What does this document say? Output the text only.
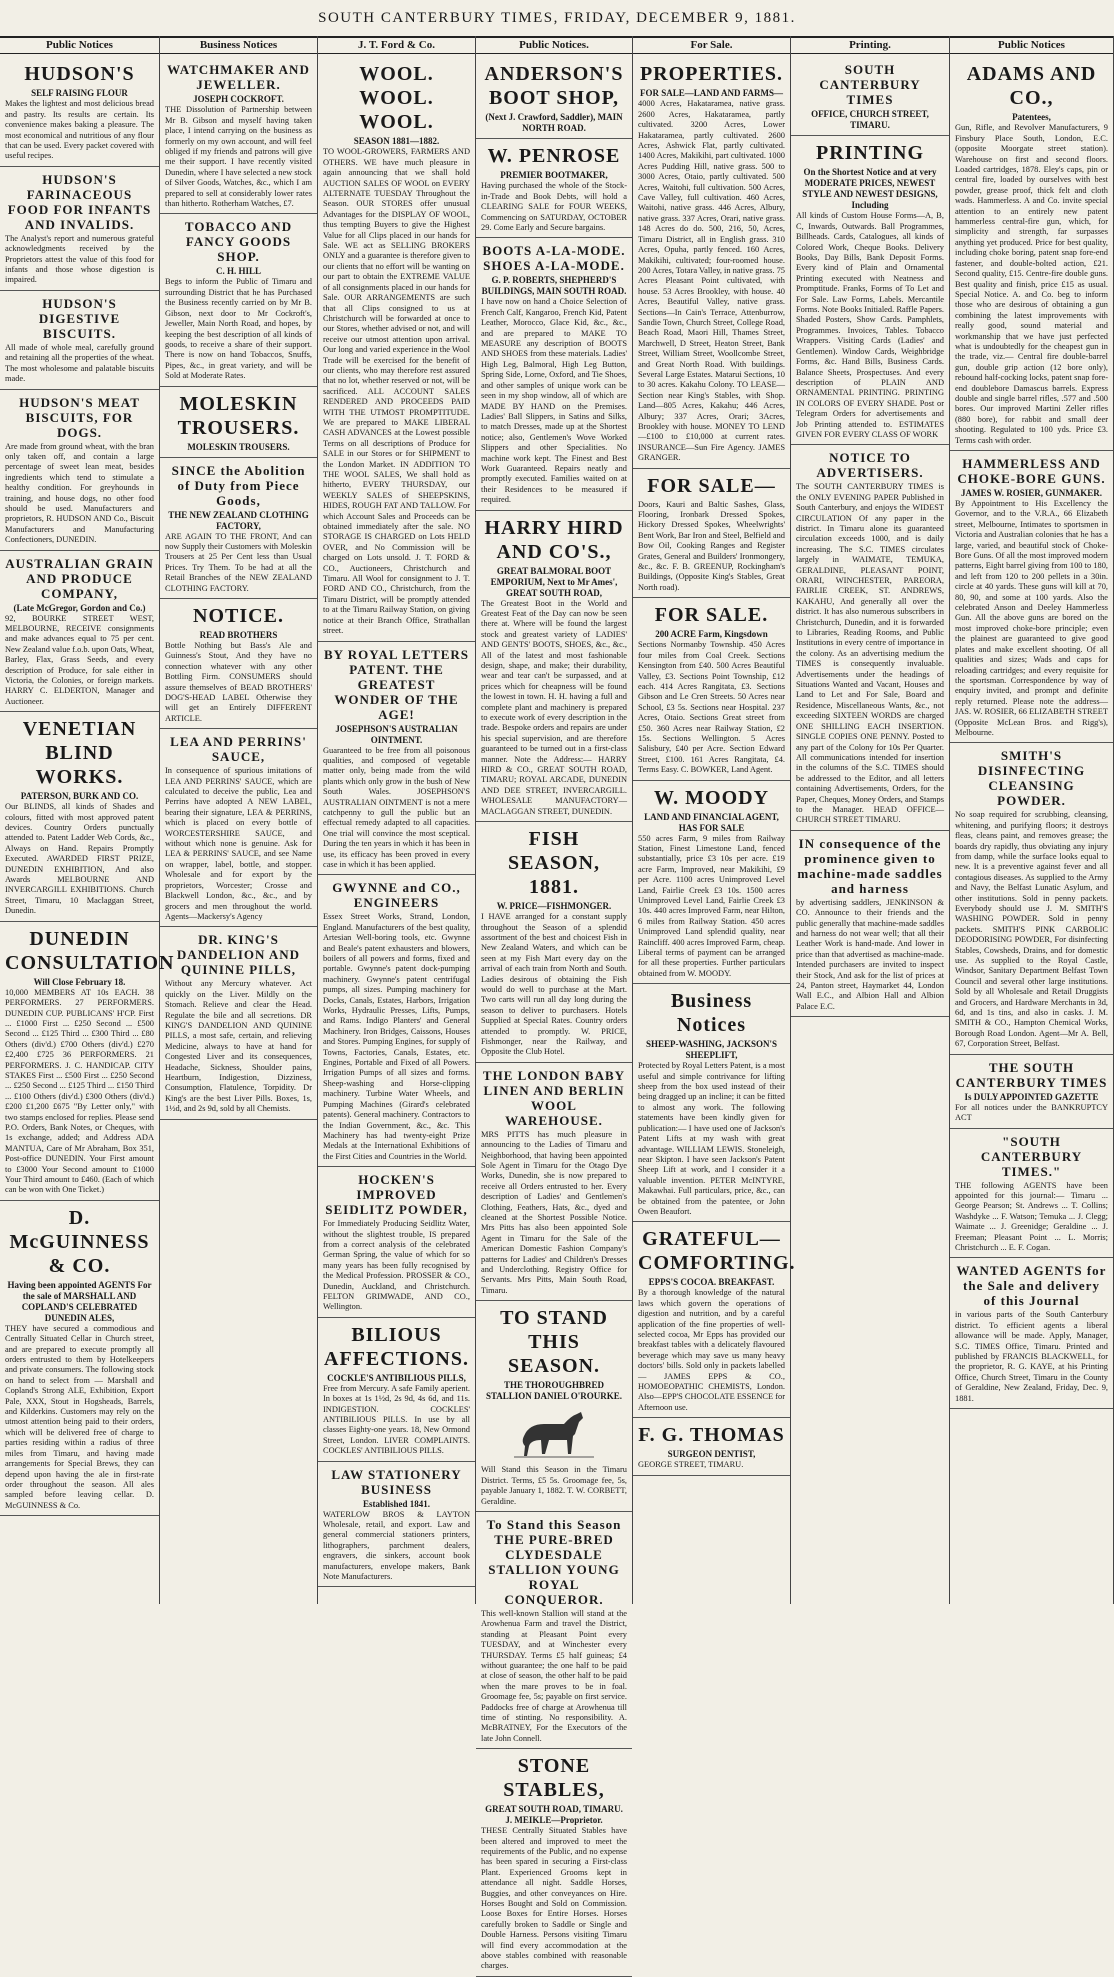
SOUTH CANTERBURY TIMES, FRIDAY, DECEMBER 9, 1881.
Public Notices
HUDSON'S
SELF RAISING FLOUR
Makes the lightest and most delicious bread and pastry. Its results are certain. Its convenience makes baking a pleasure. The most economical and nutritious of any flour that can be used. Every packet covered with useful recipes.
HUDSON'S FARINACEOUS FOOD FOR INFANTS AND INVALIDS.
The Analyst's report and numerous grateful acknowledgments received by the Proprietors attest the value of this food for infants and those whose digestion is impaired.
HUDSON'S DIGESTIVE BISCUITS.
All made of whole meal, carefully ground and retaining all the properties of the wheat. The most wholesome and palatable biscuits made.
HUDSON'S MEAT BISCUITS, FOR DOGS.
Are made from ground wheat, with the bran only taken off, and contain a large percentage of sweet lean meat, besides ingredients which tend to stimulate a healthy condition. For greyhounds in training, and house dogs, no other food should be used. Manufacturers and proprietors, R. HUDSON AND Co., Biscuit Manufacturers and Manufacturing Confectioners, DUNEDIN.
AUSTRALIAN GRAIN AND PRODUCE COMPANY,
(Late McGregor, Gordon and Co.)
92, BOURKE STREET WEST, MELBOURNE, RECEIVE consignments and make advances equal to 75 per cent. New Zealand value f.o.b. upon Oats, Wheat, Barley, Flax, Grass Seeds, and every description of Produce, for sale either in Victoria, the Colonies, or foreign markets. HARRY C. ELDERTON, Manager and Auctioneer.
VENETIAN BLIND WORKS.
PATERSON, BURK AND CO.
Our BLINDS, all kinds of Shades and colours, fitted with most approved patent devices. Country Orders punctually attended to. Patent Ladder Web Cords, &c., Always on Hand. Repairs Promptly Executed. AWARDED FIRST PRIZE, DUNEDIN EXHIBITION, And also Awards MELBOURNE AND INVERCARGILL EXHIBITIONS. Church Street, Timaru, 10 Maclaggan Street, Dunedin.
DUNEDIN CONSULTATION
Will Close February 18.
10,000 MEMBERS AT 10s EACH. 38 PERFORMERS. 27 PERFORMERS. DUNEDIN CUP. PUBLICANS' H'CP. First ... £1000 First ... £250 Second ... £500 Second ... £125 Third ... £300 Third ... £80 Others (div'd.) £700 Others (div'd.) £270 £2,400 £725 36 PERFORMERS. 21 PERFORMERS. J. C. HANDICAP. CITY STAKES First ... £500 First ... £250 Second ... £250 Second ... £125 Third ... £150 Third ... £100 Others (div'd.) £300 Others (div'd.) £200 £1,200 £675 "By Letter only," with two stamps enclosed for replies. Please send P.O. Orders, Bank Notes, or Cheques, with 1s exchange, added; and Address ADA MANTUA, Care of Mr Abraham, Box 351, Post-office DUNEDIN. Your First amount to £3000 Your Second amount to £1000 Your Third amount to £460. (Each of which can be won with One Ticket.)
D. McGUINNESS & CO.
Having been appointed AGENTS For the sale of MARSHALL AND COPLAND'S CELEBRATED DUNEDIN ALES,
THEY have secured a commodious and Centrally Situated Cellar in Church street, and are prepared to execute promptly all orders entrusted to them by Hotelkeepers and private consumers. The following stock on hand to select from — Marshall and Copland's Strong ALE, Exhibition, Export Pale, XXX, Stout in Hogsheads, Barrels, and Kilderkins. Customers may rely on the utmost attention being paid to their orders, which will be delivered free of charge to parties residing within a radius of three miles from Timaru, and having made arrangements for Special Brews, they can depend upon having the ale in first-rate order throughout the season. All ales sampled before leaving cellar. D. McGUINNESS & Co.
Business Notices
WATCHMAKER AND JEWELLER.
JOSEPH COCKROFT.
THE Dissolution of Partnership between Mr B. Gibson and myself having taken place, I intend carrying on the business as formerly on my own account, and will feel obliged if my friends and patrons will give me their support. I have recently visited Dunedin, where I have selected a new stock of Silver Goods, Watches, &c., which I am prepared to sell at considerably lower rates than hitherto. Rotherham Watches, £7.
TOBACCO AND FANCY GOODS SHOP.
C. H. HILL
Begs to inform the Public of Timaru and surrounding District that he has Purchased the Business recently carried on by Mr B. Gibson, next door to Mr Cockroft's, Jeweller, Main North Road, and hopes, by keeping the best description of all kinds of goods, to receive a share of their support. There is now on hand Tobaccos, Snuffs, Pipes, &c., in great variety, and will be Sold at Moderate Rates.
MOLESKIN TROUSERS.
MOLESKIN TROUSERS.
SINCE the Abolition of Duty from Piece Goods,
THE NEW ZEALAND CLOTHING FACTORY,
ARE AGAIN TO THE FRONT, And can now Supply their Customers with Moleskin Trousers at 25 Per Cent less than Usual Prices. Try Them. To be had at all the Retail Branches of the NEW ZEALAND CLOTHING FACTORY.
NOTICE.
READ BROTHERS
Bottle Nothing but Bass's Ale and Guinness's Stout, And they have no connection whatever with any other Bottling Firm. CONSUMERS should assure themselves of BEAD BROTHERS' DOG'S-HEAD LABEL Otherwise they will get an Entirely DIFFERENT ARTICLE.
LEA AND PERRINS' SAUCE,
In consequence of spurious imitations of LEA AND PERRINS' SAUCE, which are calculated to deceive the public, Lea and Perrins have adopted A NEW LABEL, bearing their signature, LEA & PERRINS, which is placed on every bottle of WORCESTERSHIRE SAUCE, and without which none is genuine. Ask for LEA & PERRINS' SAUCE, and see Name on wrapper, label, bottle, and stopper. Wholesale and for export by the proprietors, Worcester; Crosse and Blackwell London, &c., &c., and by grocers and men throughout the world. Agents—Mackersy's Agency
DR. KING'S DANDELION AND QUININE PILLS,
Without any Mercury whatever. Act quickly on the Liver. Mildly on the Stomach. Relieve and clear the Head. Regulate the bile and all secretions. DR KING'S DANDELION AND QUININE PILLS, a most safe, certain, and relieving Medicine, always to have at hand for Congested Liver and its consequences, Headache, Sickness, Shoulder pains, Heartburn, Indigestion, Dizziness, Consumption, Flatulence, Torpidity. Dr King's are the best Liver Pills. Boxes, 1s, 1½d, and 2s 9d, sold by all Chemists.
J. T. Ford & Co.
WOOL. WOOL. WOOL.
SEASON 1881—1882.
TO WOOL-GROWERS, FARMERS AND OTHERS. WE have much pleasure in again announcing that we shall hold AUCTION SALES OF WOOL on EVERY ALTERNATE TUESDAY Throughout the Season. OUR STORES offer unusual Advantages for the DISPLAY OF WOOL, thus tempting Buyers to give the Highest Value for all Clips placed in our hands for Sale. WE act as SELLING BROKERS ONLY and a guarantee is therefore given to our clients that no effort will be wanting on our part to obtain the EXTREME VALUE of all consignments placed in our hands for Sale. OUR ARRANGEMENTS are such that all Clips consigned to us at Christchurch will be forwarded at once to our Stores, whether advised or not, and will receive our utmost attention upon arrival. Our long and varied experience in the Wool Trade will be exercised for the benefit of our clients, who may therefore rest assured that no lot, whether reserved or not, will be sacrificed. ALL ACCOUNT SALES RENDERED AND PROCEEDS PAID WITH THE UTMOST PROMPTITUDE. We are prepared to MAKE LIBERAL CASH ADVANCES at the Lowest possible Terms on all descriptions of Produce for SALE in our Stores or for SHIPMENT to the London Market. IN ADDITION TO THE WOOL SALES, We shall hold as hitherto, EVERY THURSDAY, our WEEKLY SALES of SHEEPSKINS, HIDES, ROUGH FAT AND TALLOW. For which Account Sales and Proceeds can be obtained immediately after the sale. NO STORAGE IS CHARGED on Lots HELD OVER, and No Commission will be charged on Lots unsold. J. T. FORD & CO., Auctioneers, Christchurch and Timaru. All Wool for consignment to J. T. FORD AND CO., Christchurch, from the Timaru District, will be promptly attended to at the Timaru Railway Station, on giving notice at their Branch Office, Strathallan street.
BY ROYAL LETTERS PATENT. THE GREATEST WONDER OF THE AGE!
JOSEPHSON'S AUSTRALIAN OINTMENT.
Guaranteed to be free from all poisonous qualities, and composed of vegetable matter only, being made from the wild plants which only grow in the bush of New South Wales. JOSEPHSON'S AUSTRALIAN OINTMENT is not a mere catchpenny to gull the public but an effectual remedy adapted to all capacities. One trial will convince the most sceptical. During the ten years in which it has been in use, its efficacy has been proved in every case in which it has been applied.
GWYNNE and CO., ENGINEERS
Essex Street Works, Strand, London, England. Manufacturers of the best quality, Artesian Well-boring tools, etc. Gwynne and Beale's patent exhausters and blowers, boilers of all powers and forms, fixed and portable. Gwynne's patent dock-pumping machinery. Gwynne's patent centrifugal pumps, all sizes. Pumping machinery for Docks, Canals, Estates, Harbors, Irrigation Works, Hydraulic Presses, Lifts, Pumps, and Rams. Indigo Planters' and General Machinery. Iron Bridges, Caissons, Houses and Stores. Pumping Engines, for supply of Towns, Factories, Canals, Estates, etc. Engines, Portable and Fixed of all Powers. Irrigation Pumps of all sizes and forms. Sheep-washing and Horse-clipping machinery. Turbine Water Wheels, and Pumping Machines (Girard's celebrated patents). General machinery. Contractors to the Indian Government, &c., &c. This Machinery has had twenty-eight Prize Medals at the International Exhibitions of the First Cities and Countries in the World.
HOCKEN'S IMPROVED SEIDLITZ POWDER,
For Immediately Producing Seidlitz Water, without the slightest trouble, IS prepared from a correct analysis of the celebrated German Spring, the value of which for so many years has been fully recognised by the Medical Profession. PROSSER & CO., Dunedin, Auckland, and Christchurch. FELTON GRIMWADE, AND CO., Wellington.
BILIOUS AFFECTIONS.
COCKLE'S ANTIBILIOUS PILLS,
Free from Mercury. A safe Family aperient. In boxes at 1s 1½d, 2s 9d, 4s 6d, and 11s. INDIGESTION. COCKLES' ANTIBILIOUS PILLS. In use by all classes Eighty-one years. 18, New Ormond Street, London. LIVER COMPLAINTS. COCKLES' ANTIBILIOUS PILLS.
LAW STATIONERY BUSINESS
Established 1841.
WATERLOW BROS & LAYTON Wholesale, retail, and export. Law and general commercial stationers printers, lithographers, parchment dealers, engravers, die sinkers, account book manufacturers, envelope makers, Bank Note Manufacturers.
Public Notices.
ANDERSON'S BOOT SHOP,
(Next J. Crawford, Saddler), MAIN NORTH ROAD.
W. PENROSE
PREMIER BOOTMAKER,
Having purchased the whole of the Stock-in-Trade and Book Debts, will hold a CLEARING SALE for FOUR WEEKS, Commencing on SATURDAY, OCTOBER 29. Come Early and Secure bargains.
BOOTS A-LA-MODE. SHOES A-LA-MODE.
G. P. ROBERTS, SHEPHERD'S BUILDINGS, MAIN SOUTH ROAD.
I have now on hand a Choice Selection of French Calf, Kangaroo, French Kid, Patent Leather, Morocco, Glace Kid, &c., &c., and are prepared to MAKE TO MEASURE any description of BOOTS AND SHOES from these materials. Ladies' High Leg, Balmoral, High Leg Button, Spring Side, Lorne, Oxford, and Tie Shoes, and other samples of unique work can be seen in my shop window, all of which are MADE BY HAND on the Premises. Ladies' Ball Slippers, in Satins and Silks, to match Dresses, made up at the Shortest notice; also, Gentlemen's Wove Worked Slippers and other Specialities. No machine work kept. The Finest and Best Work Guaranteed. Repairs neatly and promptly executed. Families waited on at their Residences to be measured if required.
HARRY HIRD AND CO'S.,
GREAT BALMORAL BOOT EMPORIUM, Next to Mr Ames', GREAT SOUTH ROAD,
The Greatest Boot in the World and Greatest Feat of the Day can now be seen there at. Where will be found the largest stock and greatest variety of LADIES' AND GENTS' BOOTS, SHOES, &c., &c., All of the latest and most fashionable design, shape, and make; their durability, wear and tear can't be surpassed, and at prices which for cheapness will be found the lowest in town. H. H. having a full and complete plant and machinery is prepared to execute work of every description in the trade. Bespoke orders and repairs are under his special supervision, and are therefore guaranteed to be turned out in a first-class manner. Note the Address:— HARRY HIRD & CO., GREAT SOUTH ROAD, TIMARU; ROYAL ARCADE, DUNEDIN AND DEE STREET, INVERCARGILL. WHOLESALE MANUFACTORY— MACLAGGAN STREET, DUNEDIN.
FISH SEASON, 1881.
W. PRICE—FISHMONGER.
I HAVE arranged for a constant supply throughout the Season of a splendid assortment of the best and choicest Fish in New Zealand Waters, and which can be seen at my Fish Mart every day on the arrival of each train from North and South. Ladies desirous of obtaining the Fish would do well to purchase at the Mart. Two carts will run all day long during the season to deliver to purchasers. Hotels Supplied at Special Rates. Country orders attended to promptly. W. PRICE, Fishmonger, near the Railway, and Opposite the Club Hotel.
THE LONDON BABY LINEN AND BERLIN WOOL WAREHOUSE.
MRS PITTS has much pleasure in announcing to the Ladies of Timaru and Neighborhood, that having been appointed Sole Agent in Timaru for the Otago Dye Works, Dunedin, she is now prepared to receive all Orders entrusted to her. Every description of Ladies' and Gentlemen's Clothing, Feathers, Hats, &c., dyed and cleaned at the Shortest Possible Notice. Mrs Pitts has also been appointed Sole Agent in Timaru for the Sale of the American Domestic Fashion Company's patterns for Ladies' and Children's Dresses and Underclothing. Registry Office for Servants. Mrs Pitts, Main South Road, Timaru.
TO STAND THIS SEASON.
THE THOROUGHBRED STALLION DANIEL O'ROURKE.
Will Stand this Season in the Timaru District. Terms, £5 5s. Groomage fee, 5s, payable January 1, 1882. T. W. CORBETT, Geraldine.
To Stand this Season THE PURE-BRED CLYDESDALE STALLION YOUNG ROYAL CONQUEROR.
This well-known Stallion will stand at the Arowhenua Farm and travel the District, standing at Pleasant Point every TUESDAY, and at Winchester every THURSDAY. Terms £5 half guineas; £4 without guarantee; the one half to be paid at close of season, the other half to be paid when the mare proves to be in foal. Groomage fee, 5s; payable on first service. Paddocks free of charge at Arowhenua till time of stinting. No responsibility. A. McBRATNEY, For the Executors of the late John Connell.
STONE STABLES,
GREAT SOUTH ROAD, TIMARU. J. MEIKLE—Proprietor.
THESE Centrally Situated Stables have been altered and improved to meet the requirements of the Public, and no expense has been spared in securing a First-class Plant. Experienced Grooms kept in attendance all night. Saddle Horses, Buggies, and other conveyances on Hire. Horses Bought and Sold on Commission. Loose Boxes for Entire Horses. Horses carefully broken to Saddle or Single and Double Harness. Persons visiting Timaru will find every accommodation at the above stables combined with reasonable charges.
For Sale.
PROPERTIES.
FOR SALE—LAND AND FARMS—
4000 Acres, Hakataramea, native grass. 2600 Acres, Hakataramea, partly cultivated. 3200 Acres, Lower Hakataramea, partly cultivated. 2600 Acres, Ashwick Flat, partly cultivated. 1400 Acres, Makikihi, part cultivated. 1000 Acres Pudding Hill, native grass. 500 to 3000 Acres, Otaio, partly cultivated. 500 Acres, Waitohi, full cultivation. 500 Acres, Cave Valley, full cultivation. 460 Acres, Waitohi, native grass. 446 Acres, Albury, native grass. 337 Acres, Orari, native grass. 148 Acres do do. 500, 216, 50, Acres, Timaru District, all in English grass. 310 Acres, Opuha, partly fenced. 160 Acres, Makikihi, cultivated; four-roomed house. 200 Acres, Totara Valley, in native grass. 75 Acres Pleasant Point cultivated, with house. 53 Acres Brookley, with house. 40 Acres, Beautiful Valley, native grass. Sections—In Cain's Terrace, Attenburrow, Sandie Town, Church Street, College Road, Beach Road, Maori Hill, Thames Street, Marchwell, D Street, Heaton Street, Bank Street, William Street, Woollcombe Street, and Great North Road. With buildings. Several Large Estates. Matarui Sections, 10 to 30 acres. Kakahu Colony. TO LEASE—Section near King's Stables, with Shop. Land—805 Acres, Kakahu; 446 Acres, Albury; 337 Acres, Orari; 3Acres, Brookley with house. MONEY TO LEND—£100 to £10,000 at current rates. INSURANCE—Sun Fire Agency. JAMES GRANGER.
FOR SALE—
Doors, Kauri and Baltic Sashes, Glass, Flooring, Ironbark Dressed Spokes, Hickory Dressed Spokes, Wheelwrights' Bent Work, Bar Iron and Steel, Belfield and Bow Oil, Cooking Ranges and Register Grates, General and Builders' Ironmongery, &c., &c. F. B. GREENUP, Rockingham's Buildings, (Opposite King's Stables, Great North road).
FOR SALE.
200 ACRE Farm, Kingsdown
Sections Normanby Township. 450 Acres four miles from Coal Creek. Sections Kensington from £40. 500 Acres Beautiful Valley, £3. Sections Point Township, £12 each. 414 Acres Rangitata, £3. Sections Gibson and Le Cren Streets. 50 Acres near School, £3 5s. Sections near Hospital. 237 Acres, Otaio. Sections Great street from £50. 360 Acres near Railway Station, £2 15s. Sections Wellington. 5 Acres Salisbury, £40 per Acre. Section Edward Street, £100. 161 Acres Rangitata, £4. Terms Easy. C. BOWKER, Land Agent.
W. MOODY
LAND AND FINANCIAL AGENT, HAS FOR SALE
550 acres Farm, 9 miles from Railway Station, Finest Limestone Land, fenced substantially, price £3 10s per acre. £19 acre Farm, Improved, near Makikihi, £9 per Acre. 1100 acres Unimproved Level Land, Fairlie Creek £3 10s. 1500 acres Unimproved Level Land, Fairlie Creek £3 10s. 440 acres Improved Farm, near Hilton, 6 miles from Railway Station. 450 acres Unimproved Land splendid quality, near Raincliff. 400 acres Improved Farm, cheap. Liberal terms of payment can be arranged for all these properties. Further particulars obtained from W. MOODY.
Business Notices
SHEEP-WASHING, JACKSON'S SHEEPLIFT,
Protected by Royal Letters Patent, is a most useful and simple contrivance for lifting sheep from the box used instead of their being dragged up an incline; it can be fitted to almost any work. The following statements have been kindly given for publication:— I have used one of Jackson's Patent Lifts at my wash with great advantage. WILLIAM LEWIS. Stoneleigh, near Skipton. I have seen Jackson's Patent Sheep Lift at work, and I consider it a valuable invention. PETER McINTYRE, Makawhai. Full particulars, price, &c., can be obtained from the patentee, or John Owen Beaufort.
GRATEFUL—COMFORTING.
EPPS'S COCOA. BREAKFAST.
By a thorough knowledge of the natural laws which govern the operations of digestion and nutrition, and by a careful application of the fine properties of well-selected cocoa, Mr Epps has provided our breakfast tables with a delicately flavoured beverage which may save us many heavy doctors' bills. Sold only in packets labelled— JAMES EPPS & CO., HOMOEOPATHIC CHEMISTS, London. Also—EPP'S CHOCOLATE ESSENCE for Afternoon use.
F. G. THOMAS
SURGEON DENTIST,
GEORGE STREET, TIMARU.
Printing.
SOUTH CANTERBURY TIMES
OFFICE, CHURCH STREET, TIMARU.
PRINTING
On the Shortest Notice and at very MODERATE PRICES, NEWEST STYLE AND NEWEST DESIGNS, Including
All kinds of Custom House Forms—A, B, C, Inwards, Outwards. Ball Programmes, Billheads. Cards, Catalogues, all kinds of Colored Work, Cheque Books. Delivery Books, Day Bills, Bank Deposit Forms. Every kind of Plain and Ornamental Printing executed with Neatness and Promptitude. Franks, Forms of To Let and For Sale. Law Forms, Labels. Mercantile Forms. Note Books Initialed. Raffle Papers. Shaded Posters, Show Cards. Pamphlets, Programmes. Invoices, Tables. Tobacco Wrappers. Visiting Cards (Ladies' and Gentlemen). Window Cards, Weighbridge Forms, &c. Hand Bills, Business Cards. Balance Sheets, Prospectuses. And every description of PLAIN AND ORNAMENTAL PRINTING. PRINTING IN COLORS OF EVERY SHADE. Post or Telegram Orders for advertisements and Job Printing attended to. ESTIMATES GIVEN FOR EVERY CLASS OF WORK
NOTICE TO ADVERTISERS.
The SOUTH CANTERBURY TIMES is the ONLY EVENING PAPER Published in South Canterbury, and enjoys the WIDEST CIRCULATION Of any paper in the district. In Timaru alone its guaranteed circulation exceeds 1000, and is daily increasing. The S.C. TIMES circulates largely in WAIMATE, TEMUKA, GERALDINE, PLEASANT POINT, ORARI, WINCHESTER, PAREORA, FAIRLIE CREEK, ST. ANDREWS, KAKAHU, And generally all over the district. It has also numerous subscribers in Christchurch, Dunedin, and it is forwarded to Libraries, Reading Rooms, and Public Institutions in every centre of importance in the colony. As an advertising medium the TIMES is consequently invaluable. Advertisements under the headings of Situations Wanted and Vacant, Houses and Land to Let and For Sale, Board and Residence, Miscellaneous Wants, &c., not exceeding SIXTEEN WORDS are charged ONE SHILLING EACH INSERTION. SINGLE COPIES ONE PENNY. Posted to any part of the Colony for 10s Per Quarter. All communications intended for insertion in the columns of the S.C. TIMES should be addressed to the Editor, and all letters containing Advertisements, Orders, for the Paper, Cheques, Money Orders, and Stamps to the Manager. HEAD OFFICE— CHURCH STREET TIMARU.
IN consequence of the prominence given to machine-made saddles and harness
by advertising saddlers, JENKINSON & CO. Announce to their friends and the public generally that machine-made saddles and harness do not wear well; that all their Leather Work is hand-made. And lower in price than that advertised as machine-made. Intended purchasers are invited to inspect their Stock, And ask for the list of prices at 24, Panton street, Haymarket 44, London Wall E.C., and Albion Hall and Albion Palace E.C.
Public Notices
ADAMS AND CO.,
Patentees,
Gun, Rifle, and Revolver Manufacturers, 9 Finsbury Place South, London, E.C. (opposite Moorgate street station). Warehouse on first and second floors. Loaded cartridges, 1878. Eley's caps, pin or central fire, loaded by ourselves with best powder, grease proof, thick felt and cloth wads. Hammerless. A and Co. invite special attention to an entirely new patent hammerless central-fire gun, which, for simplicity and strength, far surpasses anything yet produced. Price for best quality, including choke boring, patent snap fore-end fastener, and double-bolted action, £21. Second quality, £15. Centre-fire double guns. Best quality and finish, price £15 as usual. Special Notice. A. and Co. beg to inform those who are desirous of obtaining a gun combining the latest improvements with really good, sound material and workmanship that we have just perfected what is undoubtedly for the cheapest gun in the trade, viz.— Central fire double-barrel gun, double grip action (12 bore only), rebound half-cocking locks, patent snap fore-end doublebore Damascus barrels. Express double and single barrel rifles, .577 and .500 bores. Our improved Martini Zeller rifles (880 bore), for rabbit and small deer shooting. Regulated to 100 yds. Price £3. Terms cash with order.
HAMMERLESS AND CHOKE-BORE GUNS.
JAMES W. ROSIER, GUNMAKER.
By Appointment to His Excellency the Governor, and to the V.R.A., 66 Elizabeth street, Melbourne, Intimates to sportsmen in Victoria and Australian colonies that he has a large, varied, and beautiful stock of Choke-Bore Guns. Of all the most improved modern patterns, Eight barrel giving from 100 to 180, and left from 120 to 200 pellets in a 30in. circle at 40 yards. These guns will kill at 70, 80, 90, and some at 100 yards. Also the celebrated Anson and Deeley Hammerless Gun. All the above guns are bored on the most improved choke-bore principle; even the plainest are guaranteed to give good plates and make excellent shooting. Of all qualities and sizes; Wads and caps for reloading cartridges; and every requisite for the sportsman. Correspondence by way of enquiry invited, and prompt and definite reply returned. Please note the address— JAS. W. ROSIER, 66 ELIZABETH STREET (Opposite McLean Bros. and Rigg's), Melbourne.
SMITH'S DISINFECTING CLEANSING POWDER.
No soap required for scrubbing, cleansing, whitening, and purifying floors; it destroys fleas, cleans paint, and removes grease; the boards dry rapidly, thus obviating any injury from damp, while the surface looks equal to new. It is a preventive against fever and all contagious diseases. As supplied to the Army and Navy, the Belfast Lunatic Asylum, and other institutions. Sold in penny packets. Everybody should use J. M. SMITH'S WASHING POWDER. Sold in penny packets. SMITH'S PINK CARBOLIC DEODORISING POWDER, For disinfecting Stables, Cowsheds, Drains, and for domestic use. As supplied to the Royal Castle, Windsor, Sanitary Department Belfast Town Council and several other large institutions. Sold by all Wholesale and Retail Druggists and Grocers, and Hardware Merchants in 3d, 6d, and 1s tins, and also in casks. J. M. SMITH & CO., Hampton Chemical Works, Borough Road London. Agent—Mr A. Bell, 67, Corporation Street, Belfast.
THE SOUTH CANTERBURY TIMES
Is DULY APPOINTED GAZETTE
For all notices under the BANKRUPTCY ACT
"SOUTH CANTERBURY TIMES."
THE following AGENTS have been appointed for this journal:— Timaru ... George Pearson; St. Andrews ... T. Collins; Washdyke ... F. Watson; Temuka ... J. Clegg; Waimate ... J. Greenidge; Geraldine ... J. Freeman; Pleasant Point ... L. Morris; Christchurch ... E. F. Cogan.
WANTED AGENTS for the Sale and delivery of this Journal
in various parts of the South Canterbury district. To efficient agents a liberal allowance will be made. Apply, Manager, S.C. TIMES Office, Timaru. Printed and published by FRANCIS BLACKWELL, for the proprietor, R. G. KAYE, at his Printing Office, Church Street, Timaru in the County of Geraldine, New Zealand, Friday, Dec. 9, 1881.
